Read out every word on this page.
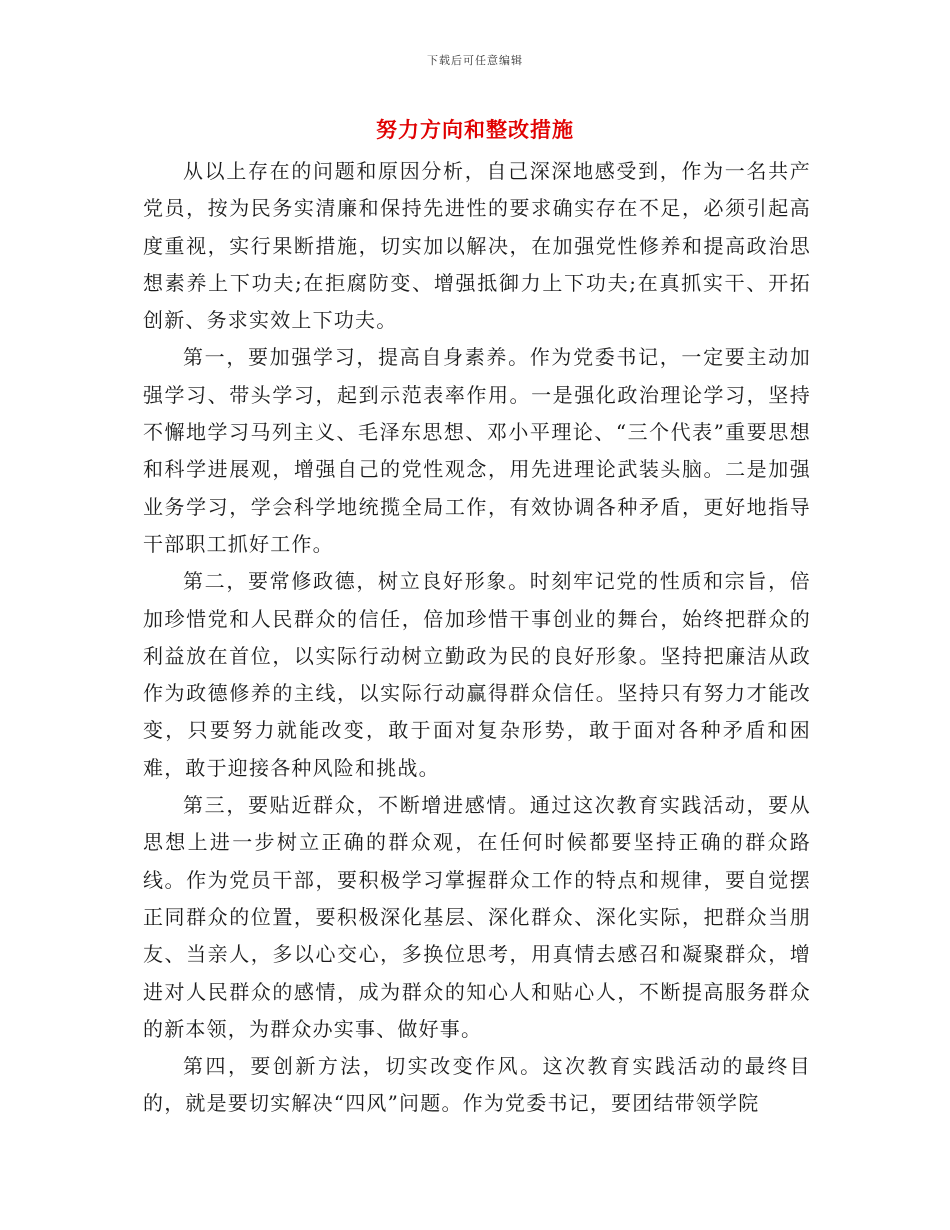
下载后可任意编辑
努力方向和整改措施

从以上存在的问题和原因分析，自己深深地感受到，作为一名共产党员，按为民务实清廉和保持先进性的要求确实存在不足，必须引起高度重视，实行果断措施，切实加以解决，在加强党性修养和提高政治思想素养上下功夫;在拒腐防变、增强抵御力上下功夫;在真抓实干、开拓创新、务求实效上下功夫。

第一，要加强学习，提高自身素养。作为党委书记，一定要主动加强学习、带头学习，起到示范表率作用。一是强化政治理论学习，坚持不懈地学习马列主义、毛泽东思想、邓小平理论、“三个代表”重要思想和科学进展观，增强自己的党性观念，用先进理论武装头脑。二是加强业务学习，学会科学地统揽全局工作，有效协调各种矛盾，更好地指导干部职工抓好工作。

第二，要常修政德，树立良好形象。时刻牢记党的性质和宗旨，倍加珍惜党和人民群众的信任，倍加珍惜干事创业的舞台，始终把群众的利益放在首位，以实际行动树立勤政为民的良好形象。坚持把廉洁从政作为政德修养的主线，以实际行动赢得群众信任。坚持只有努力才能改变，只要努力就能改变，敢于面对复杂形势，敢于面对各种矛盾和困难，敢于迎接各种风险和挑战。

第三，要贴近群众，不断增进感情。通过这次教育实践活动，要从思想上进一步树立正确的群众观，在任何时候都要坚持正确的群众路线。作为党员干部，要积极学习掌握群众工作的特点和规律，要自觉摆正同群众的位置，要积极深化基层、深化群众、深化实际，把群众当朋友、当亲人，多以心交心，多换位思考，用真情去感召和凝聚群众，增进对人民群众的感情，成为群众的知心人和贴心人，不断提高服务群众的新本领，为群众办实事、做好事。

第四，要创新方法，切实改变作风。这次教育实践活动的最终目的，就是要切实解决“四风”问题。作为党委书记，要团结带领学院
